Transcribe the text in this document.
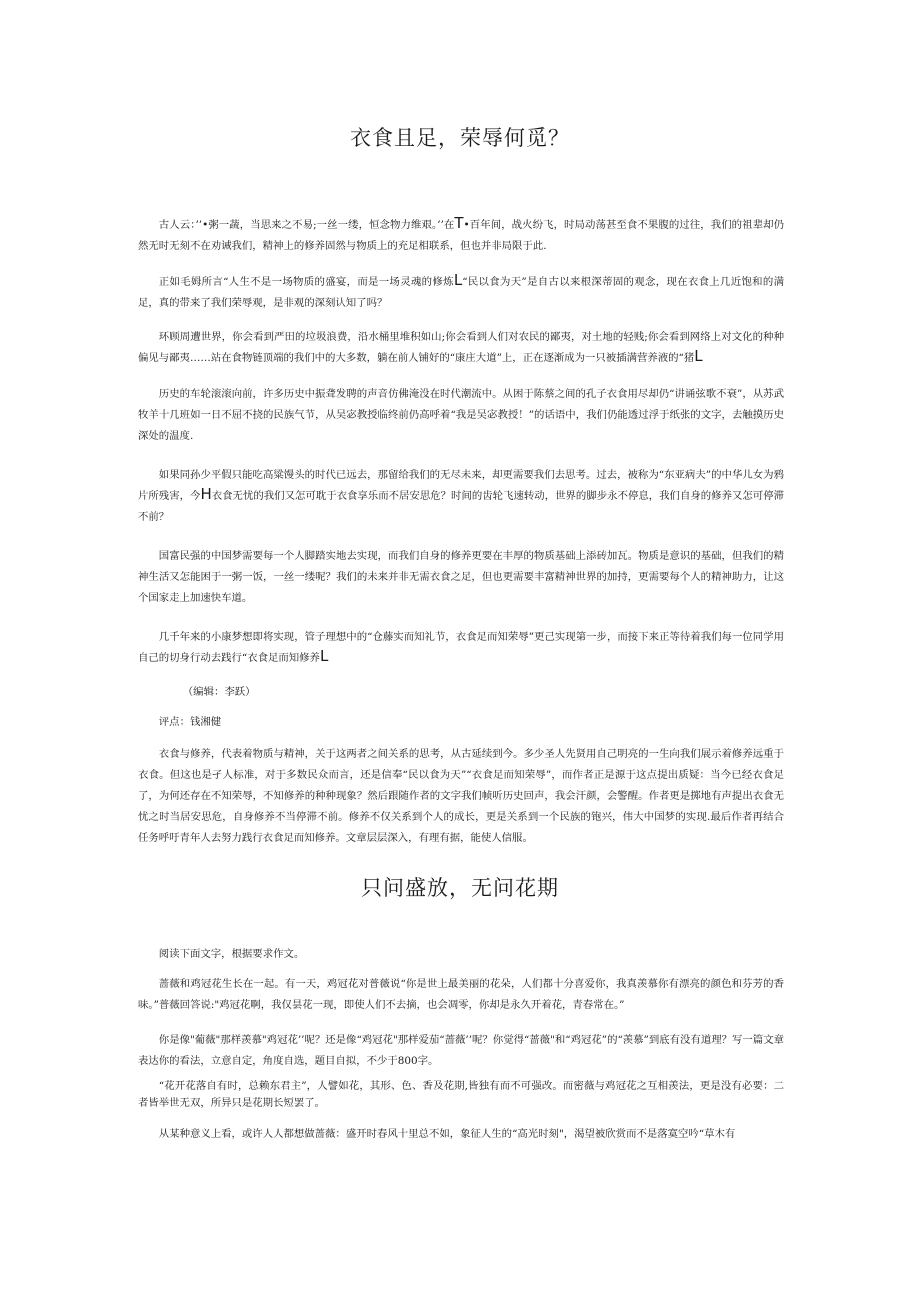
衣食且足，荣辱何觅？

古人云：’’•粥一蔬，当思来之不易;一丝一缕，恒念物力维艰。’’在T•百年间，战火纷飞，时局动荡甚至食不果腹的过往，我们的祖辈却仍然无时无刻不在劝诫我们，精神上的修养固然与物质上的充足相联系，但也并非局限于此.

正如毛姆所言“人生不是一场物质的盛宴，而是一场灵魂的修炼L“民以食为天”是自古以来根深蒂固的观念，现在衣食上几近饱和的满足，真的带来了我们荣辱观，是非观的深刻认知了吗？

环顾周遭世界，你会看到严田的垃圾浪费，沿水桶里堆积如山;你会看到人们对农民的鄙夷，对土地的轻贱;你会看到网络上对文化的种种偏见与鄙夷……站在食物链顶端的我们中的大多数，躺在前人铺好的“康庄大道”上，正在逐渐成为一只被插满营养液的“猪L

历史的车轮滚滚向前，许多历史中振聋发聘的声音仿佛淹没在时代潮流中。从困于陈蔡之间的孔子衣食用尽却仍“讲诵弦歌不衰”，从苏武牧羊十几班如一日不屈不挠的民族气节，从吴宓教授临终前仍高呼着“我是吴宓教授！”的话语中，我们仍能透过浮于纸张的文字，去触摸历史深处的温度.

如果同孙少平假只能吃高粱馒头的时代已远去，那留给我们的无尽未来，却更需要我们去思考。过去，被称为“东亚病夫”的中华儿女为鸦片所残害，今H衣食无忧的我们又怎可耽于衣食享乐而不居安思危？时间的齿轮飞速转动，世界的脚步永不停息，我们自身的修养又怎可停滞不前？

国富民强的中国梦需要每一个人脚踏实地去实现，而我们自身的修养更要在丰厚的物质基础上添砖加瓦。物质是意识的基础，但我们的精神生活又怎能困于一粥一饭，一丝一缕呢？我们的未来并非无需衣食之足，但也更需要丰富精神世界的加持，更需要每个人的精神助力，让这个国家走上加速快车道。

几千年来的小康梦想即将实现，管子理想中的“仓藤实而知礼节，衣食足而知荣辱”更己实现第一步，而接下来正等待着我们每一位同学用自己的切身行动去践行“衣食足而知修养L

（编辑：李跃）

评点：钱湘健

衣食与修养，代表着物质与精神，关于这两者之间关系的思考，从古延续到今。多少圣人先贤用自己明亮的一生向我们展示着修养远重于衣食。但这也是孑人标准，对于多数民众而言，还是信奉“民以食为天”“衣食足而知荣辱”，而作者正是源于这点提出质疑：当今已经衣食足了，为何还存在不知荣辱，不知修养的种种现象？然后跟随作者的文字我们帧听历史回声，我会汗颜，会警醒。作者更是掷地有声提出衣食无忧之时当居安思危，自身修养不当停滞不前。修养不仅关系到个人的成长，更是关系到一个民族的铇兴，伟大中国梦的实现.最后作者再结合任务呼吁青年人去努力践行衣食足而知修养。文章层层深入，有理有据，能使人信服。

只问盛放，无问花期

阅读下面文字，根据要求作文。

蔷薇和鸡冠花生长在一起。有一天，鸡冠花对普薇说“你是世上最美丽的花朵，人们都十分喜爱你，我真羡慕你有漂亮的颜色和芬芳的香味。”普薇回答说:"鸡冠花啊，我仅昙花一现，即使人们不去摘，也会凋零，你却是永久开着花，青春常在。”

你是像"葡薇"那样羡慕"鸡冠花’’呢？还是像“鸡冠花"那样爱茄“蔷薇’’呢？你觉得“蔷薇"和“鸡冠花”的“羡慕”到底有没有道理？写一篇文章表达你的看法，立意自定，角度自选，题目自拟，不少于800字。

“花开花落自有时，总赖东君主”，人譬如花，其形、色、香及花期,皆独有而不可强改。而密薇与鸡冠花之互相羡法，更是没有必要：二者皆举世无双，所异只是花期长短罢了。

从某种意义上看，或许人人都想做蔷薇：盛开时春风十里总不如，象征人生的“高光时刻"，渴望被欣赏而不是落寞空吟“草木有
